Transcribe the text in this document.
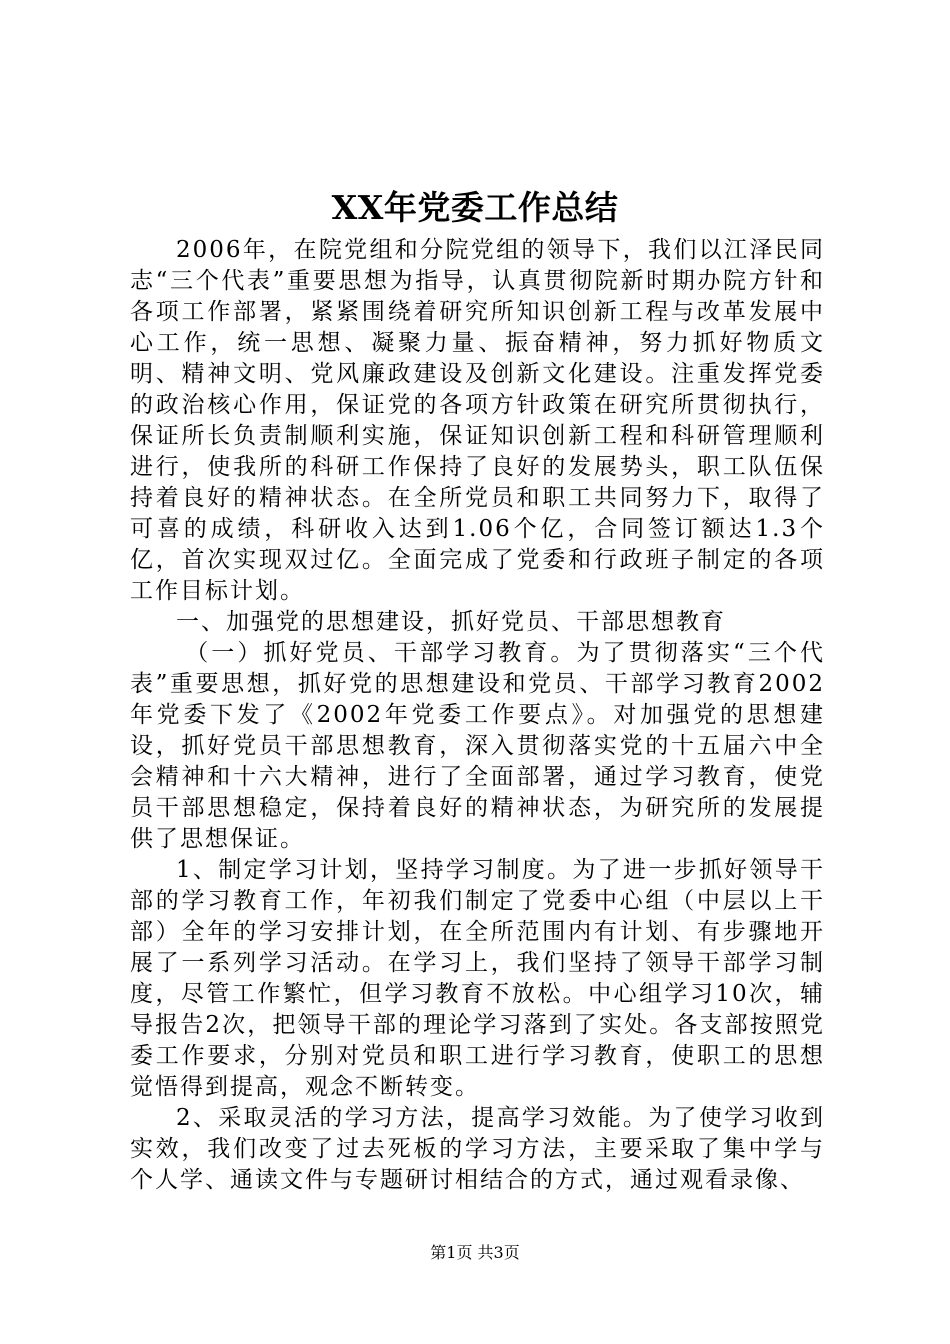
XX年党委工作总结

2006年，在院党组和分院党组的领导下，我们以江泽民同志“三个代表”重要思想为指导，认真贯彻院新时期办院方针和各项工作部署，紧紧围绕着研究所知识创新工程与改革发展中心工作，统一思想、凝聚力量、振奋精神，努力抓好物质文明、精神文明、党风廉政建设及创新文化建设。注重发挥党委的政治核心作用，保证党的各项方针政策在研究所贯彻执行，保证所长负责制顺利实施，保证知识创新工程和科研管理顺利进行，使我所的科研工作保持了良好的发展势头，职工队伍保持着良好的精神状态。在全所党员和职工共同努力下，取得了可喜的成绩，科研收入达到1.06个亿，合同签订额达1.3个亿，首次实现双过亿。全面完成了党委和行政班子制定的各项工作目标计划。

一、加强党的思想建设，抓好党员、干部思想教育

（一）抓好党员、干部学习教育。为了贯彻落实“三个代表”重要思想，抓好党的思想建设和党员、干部学习教育2002年党委下发了《2002年党委工作要点》。对加强党的思想建设，抓好党员干部思想教育，深入贯彻落实党的十五届六中全会精神和十六大精神，进行了全面部署，通过学习教育，使党员干部思想稳定，保持着良好的精神状态，为研究所的发展提供了思想保证。

1、制定学习计划，坚持学习制度。为了进一步抓好领导干部的学习教育工作，年初我们制定了党委中心组（中层以上干部）全年的学习安排计划，在全所范围内有计划、有步骤地开展了一系列学习活动。在学习上，我们坚持了领导干部学习制度，尽管工作繁忙，但学习教育不放松。中心组学习10次，辅导报告2次，把领导干部的理论学习落到了实处。各支部按照党委工作要求，分别对党员和职工进行学习教育，使职工的思想觉悟得到提高，观念不断转变。

2、采取灵活的学习方法，提高学习效能。为了使学习收到实效，我们改变了过去死板的学习方法，主要采取了集中学与个人学、通读文件与专题研讨相结合的方式，通过观看录像、

第1页 共3页
